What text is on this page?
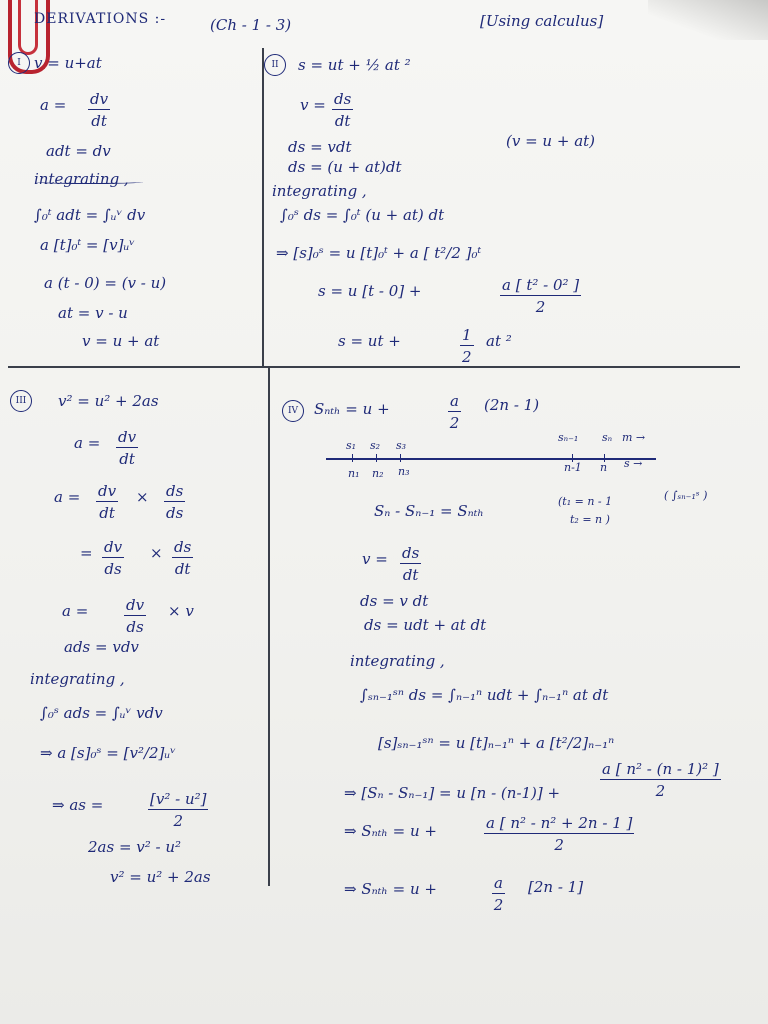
DERIVATIONS :-	(Ch - 1 - 3)	[Using calculus]
I v = u+at
$a = \frac{dv}{dt}$
adt = dv
integrating ,
∫₀ᵗ adt = ∫ᵤᵛ dv
a [t]₀ᵗ = [v]ᵤᵛ
a (t - 0) = (v - u)
at = v - u
v = u + at
II	s = ut + ½ at ²
$v = \frac{ds}{dt}$
ds = vdt	(v = u + at)
ds = (u + at)dt
integrating ,
∫₀ˢ ds = ∫₀ᵗ (u + at) dt
⇒ [s]₀ˢ = u [t]₀ᵗ + a [ t²/2 ]₀ᵗ
s = u [t - 0] +	$\frac{\text{a [ t² - 0² ]}}{2}$
s = ut +	$\frac{1}{2}$ at ²
III	v² = u² + 2as
$a = \frac{dv}{dt}$
$a = \frac{dv}{dt} \times \frac{ds}{ds}$
= $\frac{dv}{ds} \times \frac{ds}{dt}$
$a = \frac{dv}{ds} \times v$
ads = vdv
integrating ,
∫₀ˢ ads = ∫ᵤᵛ vdv
⇒ a [s]₀ˢ = [v²/2]ᵤᵛ
⇒ as =	$\frac{\text{[v² - u²]}}{2}$
2as = v² - u²
v² = u² + 2as
IV	Sₙₜₕ = u +	$\frac{a}{2} (2n - 1)$
s₁ s₂ s₃
sₙ₋₁ sₙ m →
n₁ n₂ n₃	n-1 n s →
Sₙ - Sₙ₋₁ = Sₙₜₕ
(t₁ = n - 1
t₂ = n )
( ∫ₛₙ₋₁ˢ )
$v = \frac{ds}{dt}$
ds = v dt
ds = udt + at dt
integrating ,
∫ₛₙ₋₁ˢⁿ ds = ∫ₙ₋₁ⁿ udt + ∫ₙ₋₁ⁿ at dt
[s]ₛₙ₋₁ˢⁿ = u [t]ₙ₋₁ⁿ + a [t²/2]ₙ₋₁ⁿ
⇒ [Sₙ - Sₙ₋₁] = u [n - (n-1)] +	$\frac{\text{a [ n² - (n - 1)² ]}}{2}$
⇒ Sₙₜₕ = u +	$\frac{\text{a [ n² - n² + 2n - 1 ]}}{2}$
⇒ Sₙₜₕ = u +	$\frac{a}{2} [2n - 1]$
